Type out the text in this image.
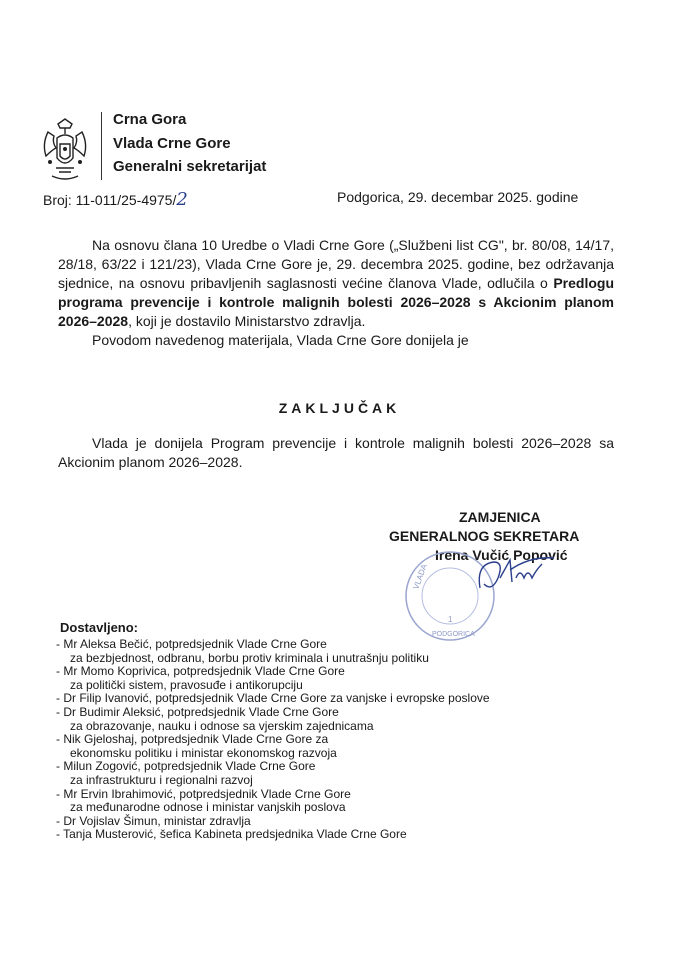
Crna Gora
Vlada Crne Gore
Generalni sekretarijat
Broj: 11-011/25-4975/2	Podgorica, 29. decembar 2025. godine

Na osnovu člana 10 Uredbe o Vladi Crne Gore („Službeni list CG", br. 80/08, 14/17, 28/18, 63/22 i 121/23), Vlada Crne Gore je, 29. decembra 2025. godine, bez održavanja sjednice, na osnovu pribavljenih saglasnosti većine članova Vlade, odlučila o Predlogu programa prevencije i kontrole malignih bolesti 2026–2028 s Akcionim planom 2026–2028, koji je dostavilo Ministarstvo zdravlja.

Povodom navedenog materijala, Vlada Crne Gore donijela je

ZAKLJUČAK

Vlada je donijela Program prevencije i kontrole malignih bolesti 2026–2028 sa Akcionim planom 2026–2028.

ZAMJENICA
GENERALNOG SEKRETARA
Irena Vučić Popović
VLADA
PODGORICA
1
Dostavljeno:
- Mr Aleksa Bečić, potpredsjednik Vlade Crne Gore
za bezbjednost, odbranu, borbu protiv kriminala i unutrašnju politiku
- Mr Momo Koprivica, potpredsjednik Vlade Crne Gore
za politički sistem, pravosuđe i antikorupciju
- Dr Filip Ivanović, potpredsjednik Vlade Crne Gore za vanjske i evropske poslove
- Dr Budimir Aleksić, potpredsjednik Vlade Crne Gore
za obrazovanje, nauku i odnose sa vjerskim zajednicama
- Nik Gjeloshaj, potpredsjednik Vlade Crne Gore za
ekonomsku politiku i ministar ekonomskog razvoja
- Milun Zogović, potpredsjednik Vlade Crne Gore
za infrastrukturu i regionalni razvoj
- Mr Ervin Ibrahimović, potpredsjednik Vlade Crne Gore
za međunarodne odnose i ministar vanjskih poslova
- Dr Vojislav Šimun, ministar zdravlja
- Tanja Musterović, šefica Kabineta predsjednika Vlade Crne Gore
